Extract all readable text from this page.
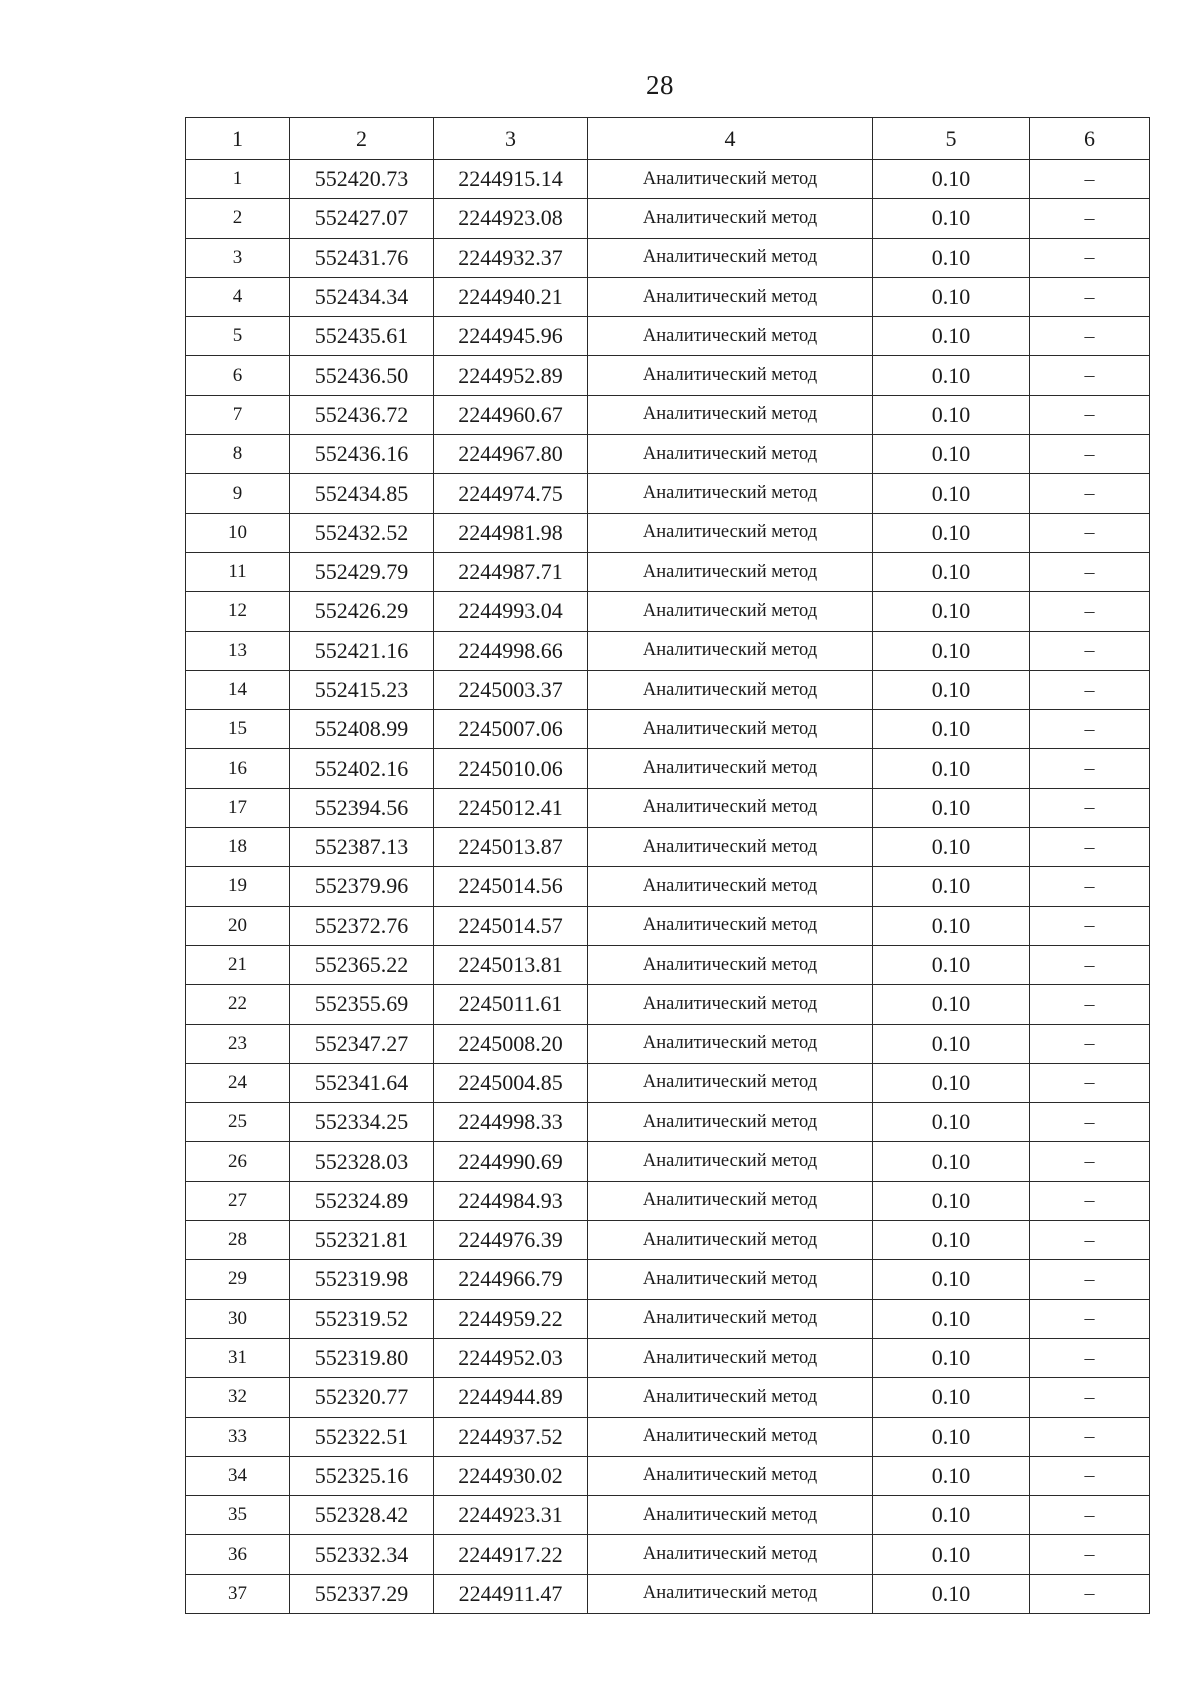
28
1	2	3	4	5	6
1	552420.73	2244915.14	Аналитический метод	0.10	–
2	552427.07	2244923.08	Аналитический метод	0.10	–
3	552431.76	2244932.37	Аналитический метод	0.10	–
4	552434.34	2244940.21	Аналитический метод	0.10	–
5	552435.61	2244945.96	Аналитический метод	0.10	–
6	552436.50	2244952.89	Аналитический метод	0.10	–
7	552436.72	2244960.67	Аналитический метод	0.10	–
8	552436.16	2244967.80	Аналитический метод	0.10	–
9	552434.85	2244974.75	Аналитический метод	0.10	–
10	552432.52	2244981.98	Аналитический метод	0.10	–
11	552429.79	2244987.71	Аналитический метод	0.10	–
12	552426.29	2244993.04	Аналитический метод	0.10	–
13	552421.16	2244998.66	Аналитический метод	0.10	–
14	552415.23	2245003.37	Аналитический метод	0.10	–
15	552408.99	2245007.06	Аналитический метод	0.10	–
16	552402.16	2245010.06	Аналитический метод	0.10	–
17	552394.56	2245012.41	Аналитический метод	0.10	–
18	552387.13	2245013.87	Аналитический метод	0.10	–
19	552379.96	2245014.56	Аналитический метод	0.10	–
20	552372.76	2245014.57	Аналитический метод	0.10	–
21	552365.22	2245013.81	Аналитический метод	0.10	–
22	552355.69	2245011.61	Аналитический метод	0.10	–
23	552347.27	2245008.20	Аналитический метод	0.10	–
24	552341.64	2245004.85	Аналитический метод	0.10	–
25	552334.25	2244998.33	Аналитический метод	0.10	–
26	552328.03	2244990.69	Аналитический метод	0.10	–
27	552324.89	2244984.93	Аналитический метод	0.10	–
28	552321.81	2244976.39	Аналитический метод	0.10	–
29	552319.98	2244966.79	Аналитический метод	0.10	–
30	552319.52	2244959.22	Аналитический метод	0.10	–
31	552319.80	2244952.03	Аналитический метод	0.10	–
32	552320.77	2244944.89	Аналитический метод	0.10	–
33	552322.51	2244937.52	Аналитический метод	0.10	–
34	552325.16	2244930.02	Аналитический метод	0.10	–
35	552328.42	2244923.31	Аналитический метод	0.10	–
36	552332.34	2244917.22	Аналитический метод	0.10	–
37	552337.29	2244911.47	Аналитический метод	0.10	–
